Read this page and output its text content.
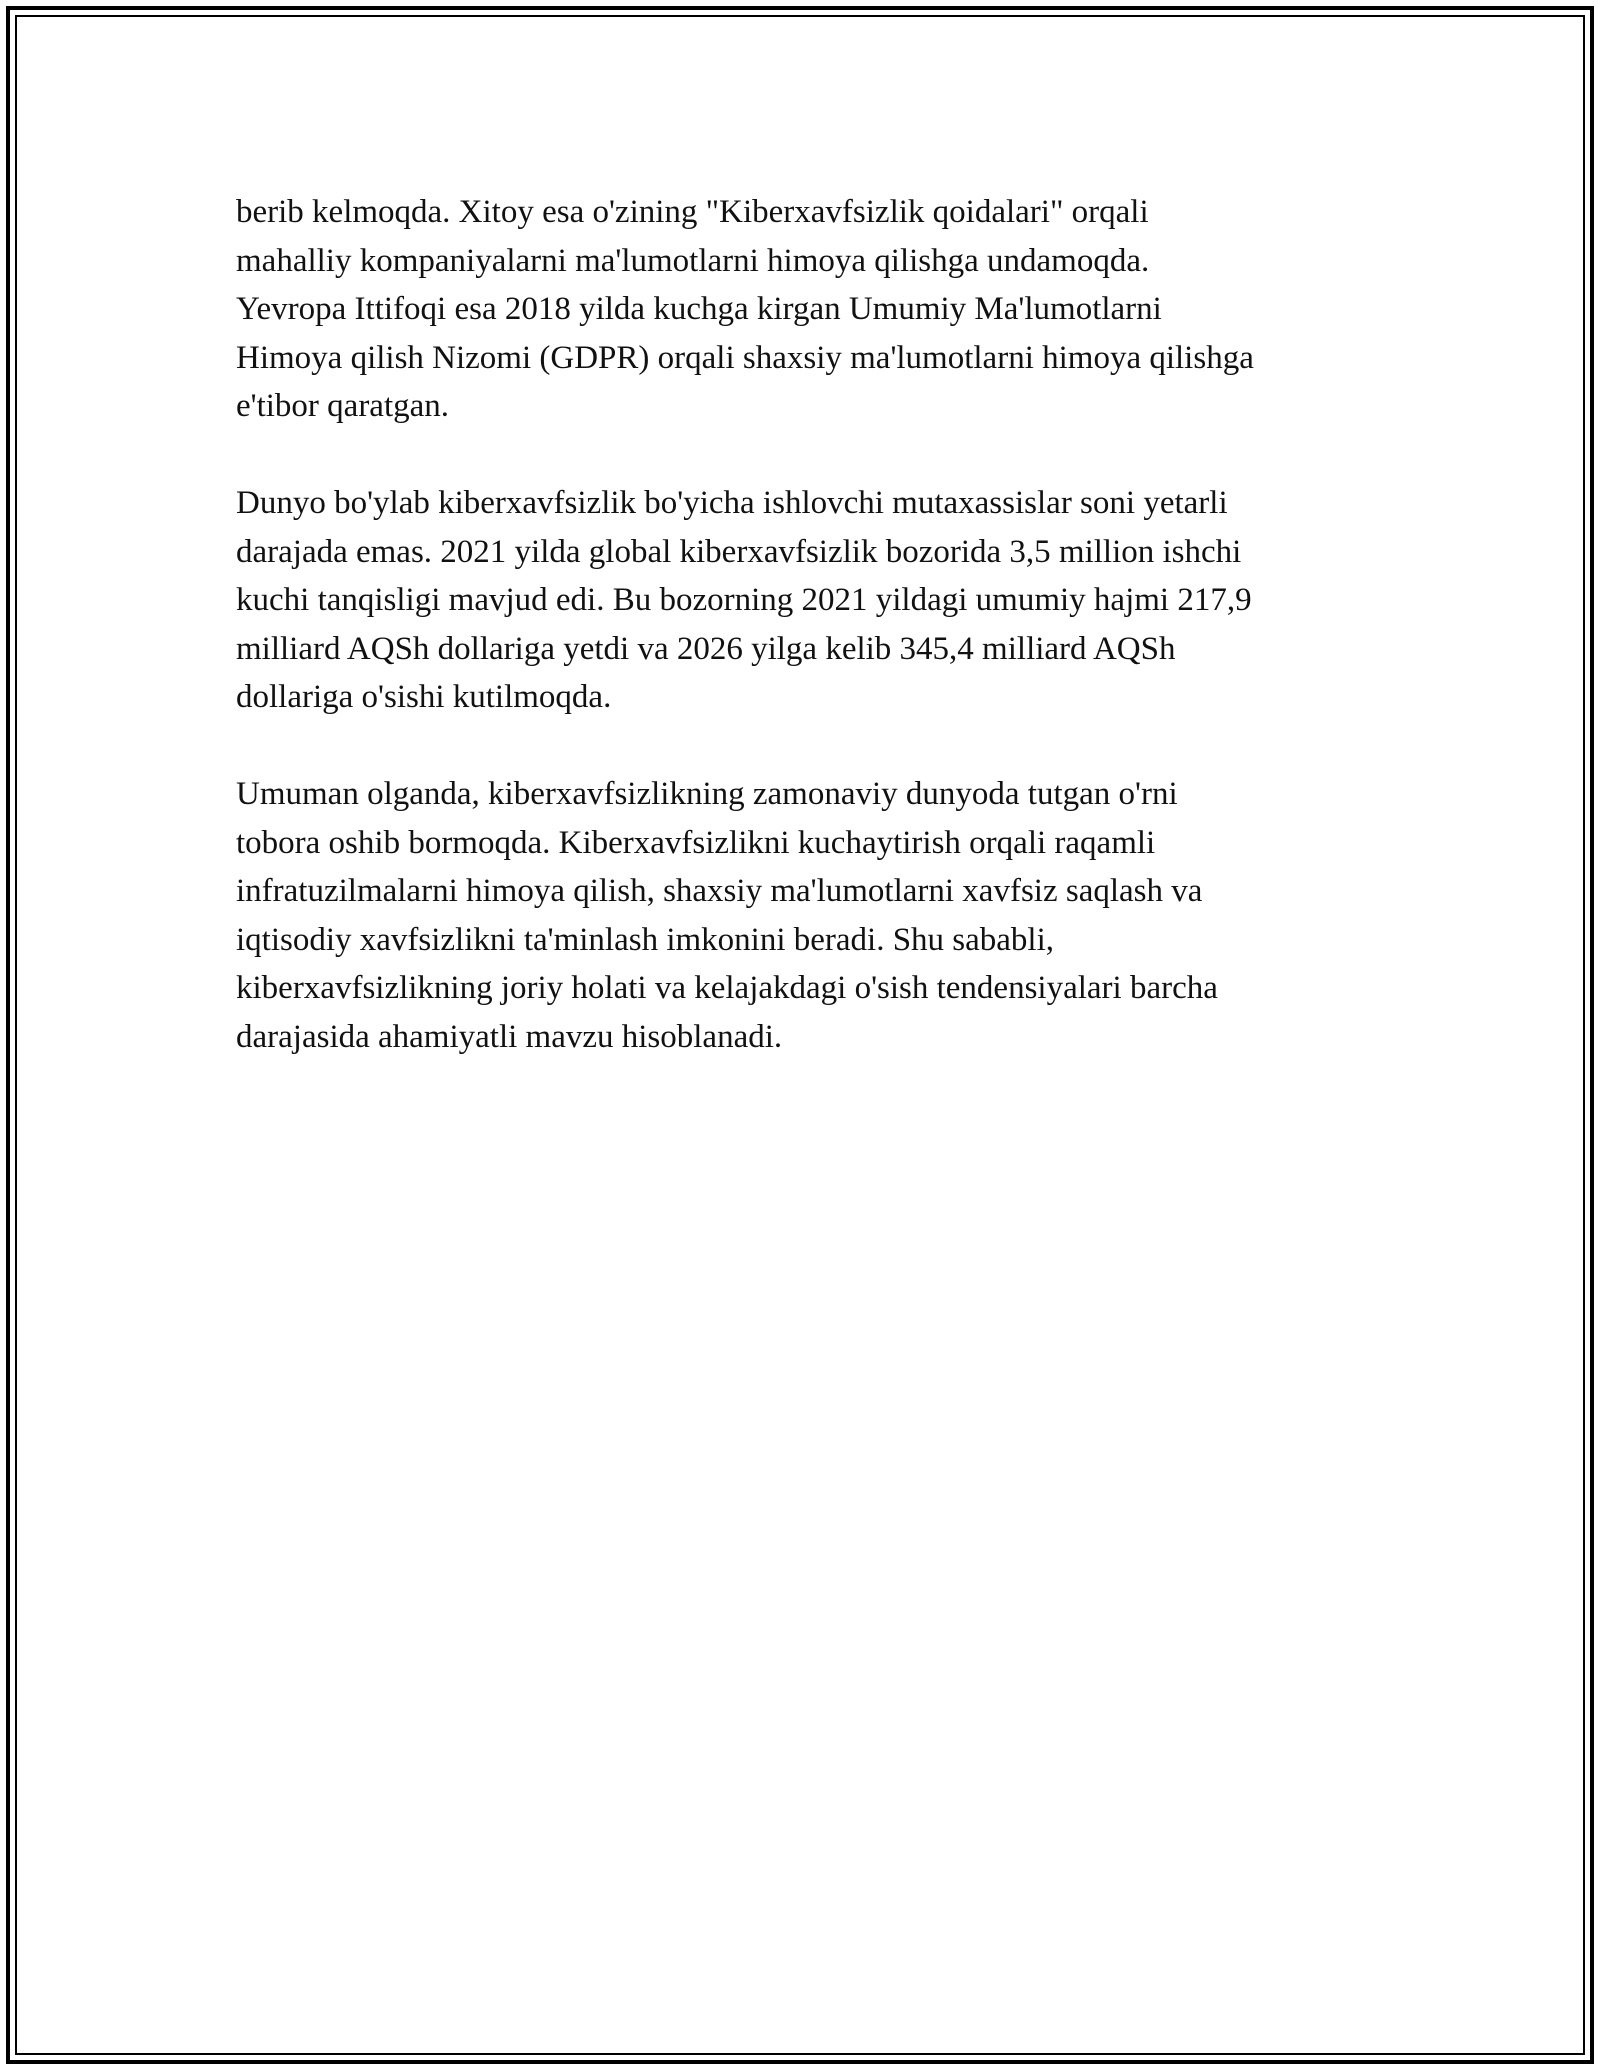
berib kelmoqda. Xitoy esa o'zining "Kiberxavfsizlik qoidalari" orqali
mahalliy kompaniyalarni ma'lumotlarni himoya qilishga undamoqda.
Yevropa Ittifoqi esa 2018 yilda kuchga kirgan Umumiy Ma'lumotlarni
Himoya qilish Nizomi (GDPR) orqali shaxsiy ma'lumotlarni himoya qilishga
e'tibor qaratgan.

Dunyo bo'ylab kiberxavfsizlik bo'yicha ishlovchi mutaxassislar soni yetarli
darajada emas. 2021 yilda global kiberxavfsizlik bozorida 3,5 million ishchi
kuchi tanqisligi mavjud edi. Bu bozorning 2021 yildagi umumiy hajmi 217,9
milliard AQSh dollariga yetdi va 2026 yilga kelib 345,4 milliard AQSh
dollariga o'sishi kutilmoqda.

Umuman olganda, kiberxavfsizlikning zamonaviy dunyoda tutgan o'rni
tobora oshib bormoqda. Kiberxavfsizlikni kuchaytirish orqali raqamli
infratuzilmalarni himoya qilish, shaxsiy ma'lumotlarni xavfsiz saqlash va
iqtisodiy xavfsizlikni ta'minlash imkonini beradi. Shu sababli,
kiberxavfsizlikning joriy holati va kelajakdagi o'sish tendensiyalari barcha
darajasida ahamiyatli mavzu hisoblanadi.
